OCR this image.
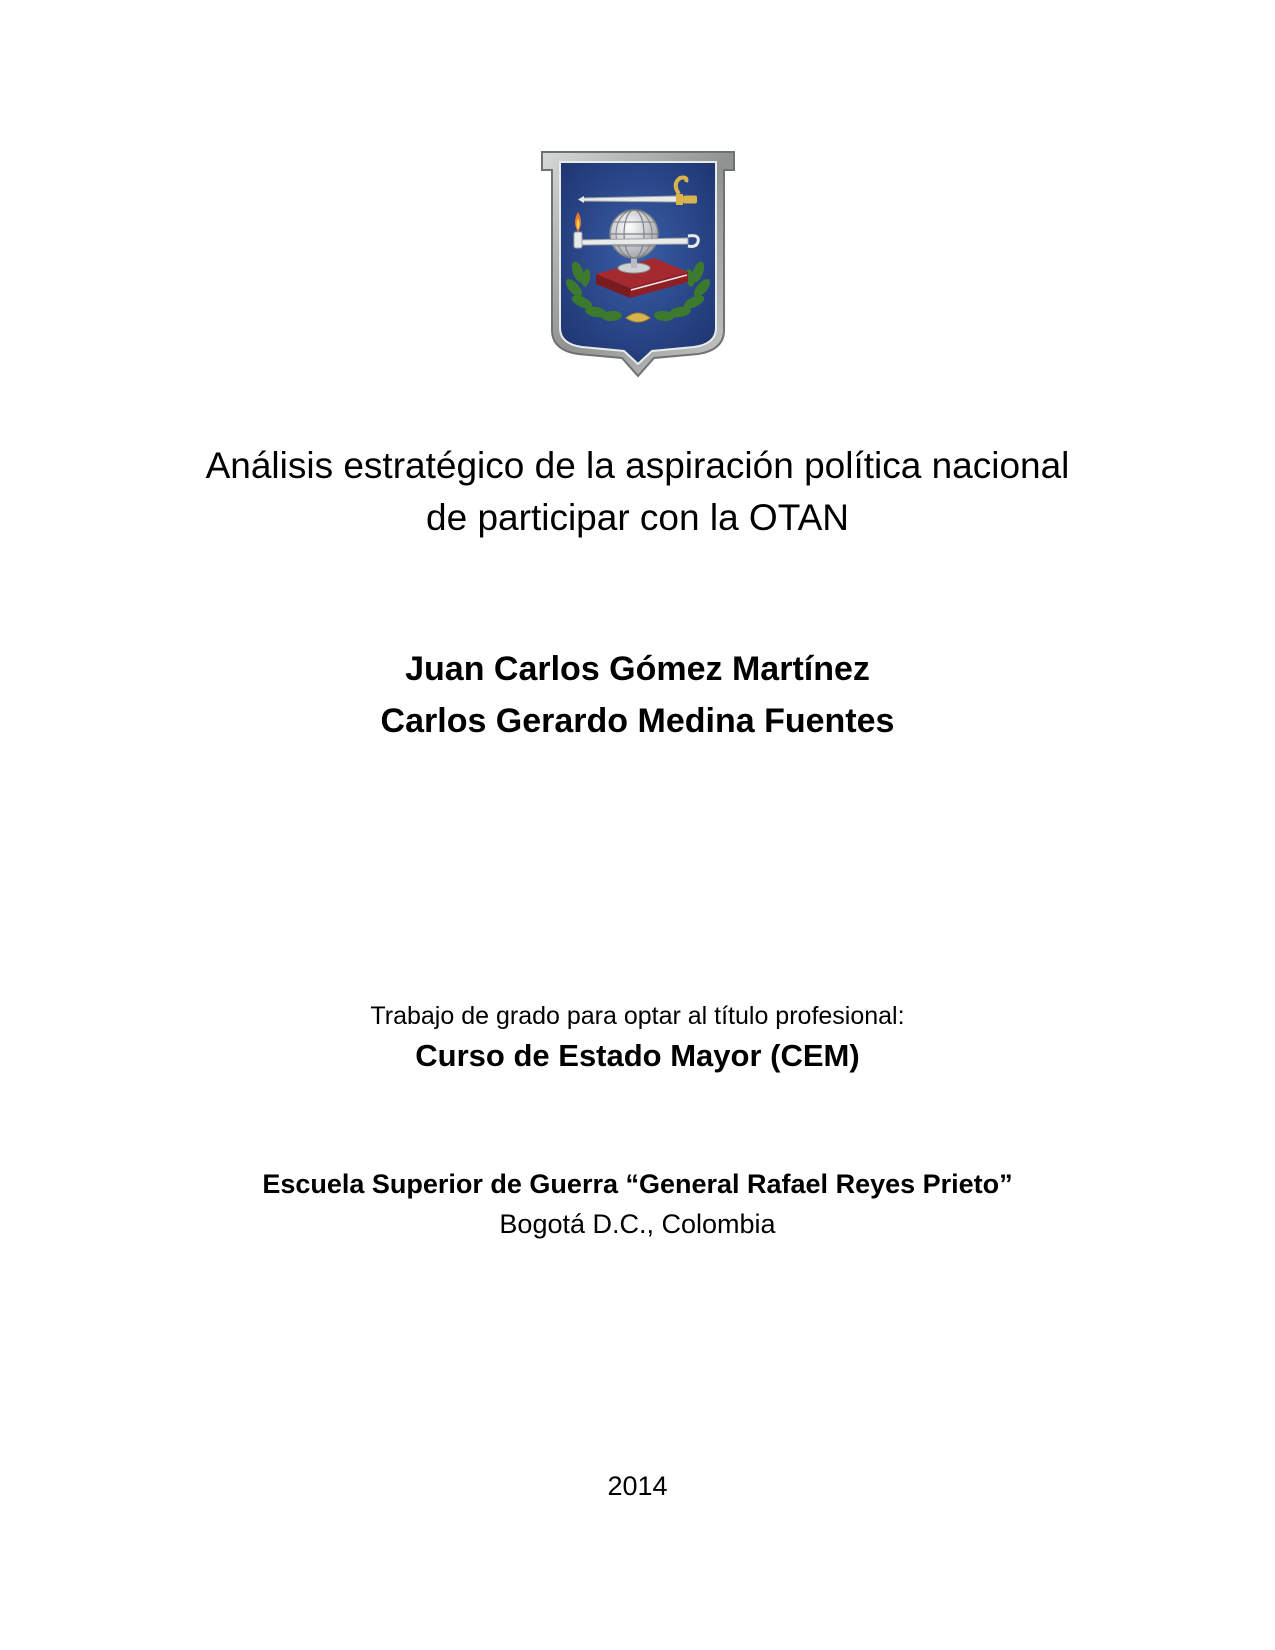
Análisis estratégico de la aspiración política nacional
de participar con la OTAN
Juan Carlos Gómez Martínez
Carlos Gerardo Medina Fuentes
Trabajo de grado para optar al título profesional:
Curso de Estado Mayor (CEM)
Escuela Superior de Guerra “General Rafael Reyes Prieto”
Bogotá D.C., Colombia
2014
